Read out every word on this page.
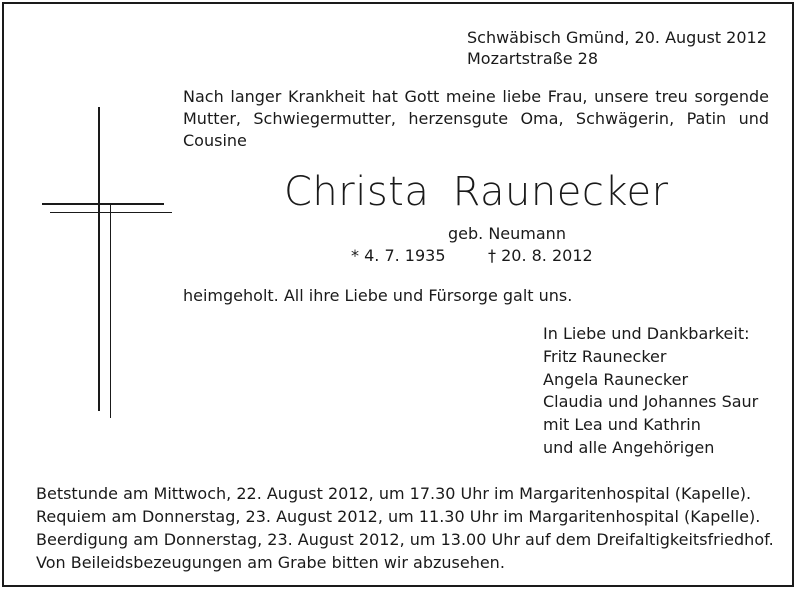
Schwäbisch Gmünd, 20. August 2012

Mozartstraße 28

Nach langer Krankheit hat Gott meine liebe Frau, unsere treu sorgende Mutter, Schwiegermutter, herzensgute Oma, Schwägerin, Patin und Cousine

Christa Raunecker

geb. Neumann

* 4. 7. 1935	† 20. 8. 2012

heimgeholt. All ihre Liebe und Fürsorge galt uns.

In Liebe und Dankbarkeit:
Fritz Raunecker
Angela Raunecker
Claudia und Johannes Saur
mit Lea und Kathrin
und alle Angehörigen
Betstunde am Mittwoch, 22. August 2012, um 17.30 Uhr im Margaritenhospital (Kapelle).
Requiem am Donnerstag, 23. August 2012, um 11.30 Uhr im Margaritenhospital (Kapelle).
Beerdigung am Donnerstag, 23. August 2012, um 13.00 Uhr auf dem Dreifaltigkeitsfriedhof.
Von Beileidsbezeugungen am Grabe bitten wir abzusehen.
